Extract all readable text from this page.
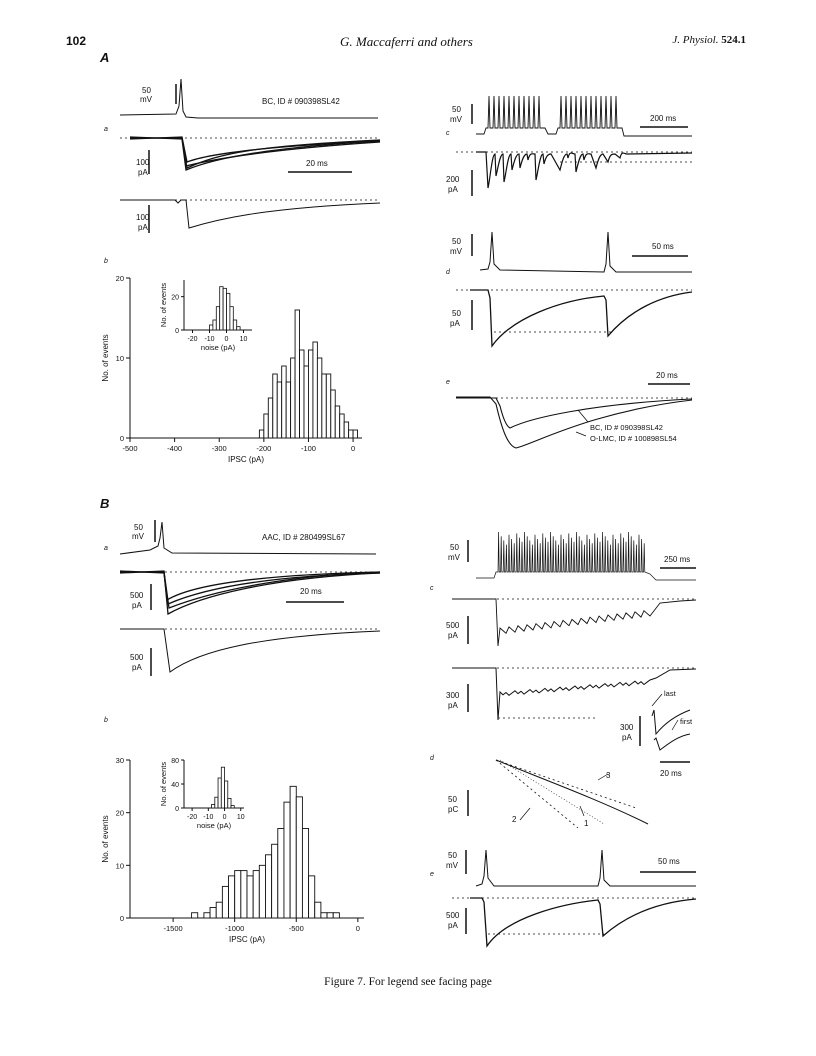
102	G. Maccaferri and others	J. Physiol. 524.1
A
a
b
50
mV	BC, ID # 090398SL42
100
pA
20 ms
100
pA
-500	-400	-300	-200	-100	0
0
10
20
IPSC (pA)
No. of events	-20 -10 0 10
0
20
noise (pA)
No. of events
c
50
mV	200 ms
200
pA
d
50
mV
50 ms
50
pA
e
20 ms
BC, ID # 090398SL42
O-LMC, ID # 100898SL54
B
a
b
50
mV	AAC, ID # 280499SL67
500
pA
20 ms
500
pA
-1500	-1000	-500	0
0
10
20
30
IPSC (pA)
No. of events	-20 -10 0 10
0
40
80
noise (pA)
No. of events
c
50
mV	250 ms
500
pA
300
pA
last
first
300
pA
20 ms
d
50
pC
2	1
3
e
50
mV	50 ms
500
pA
Figure 7. For legend see facing page
